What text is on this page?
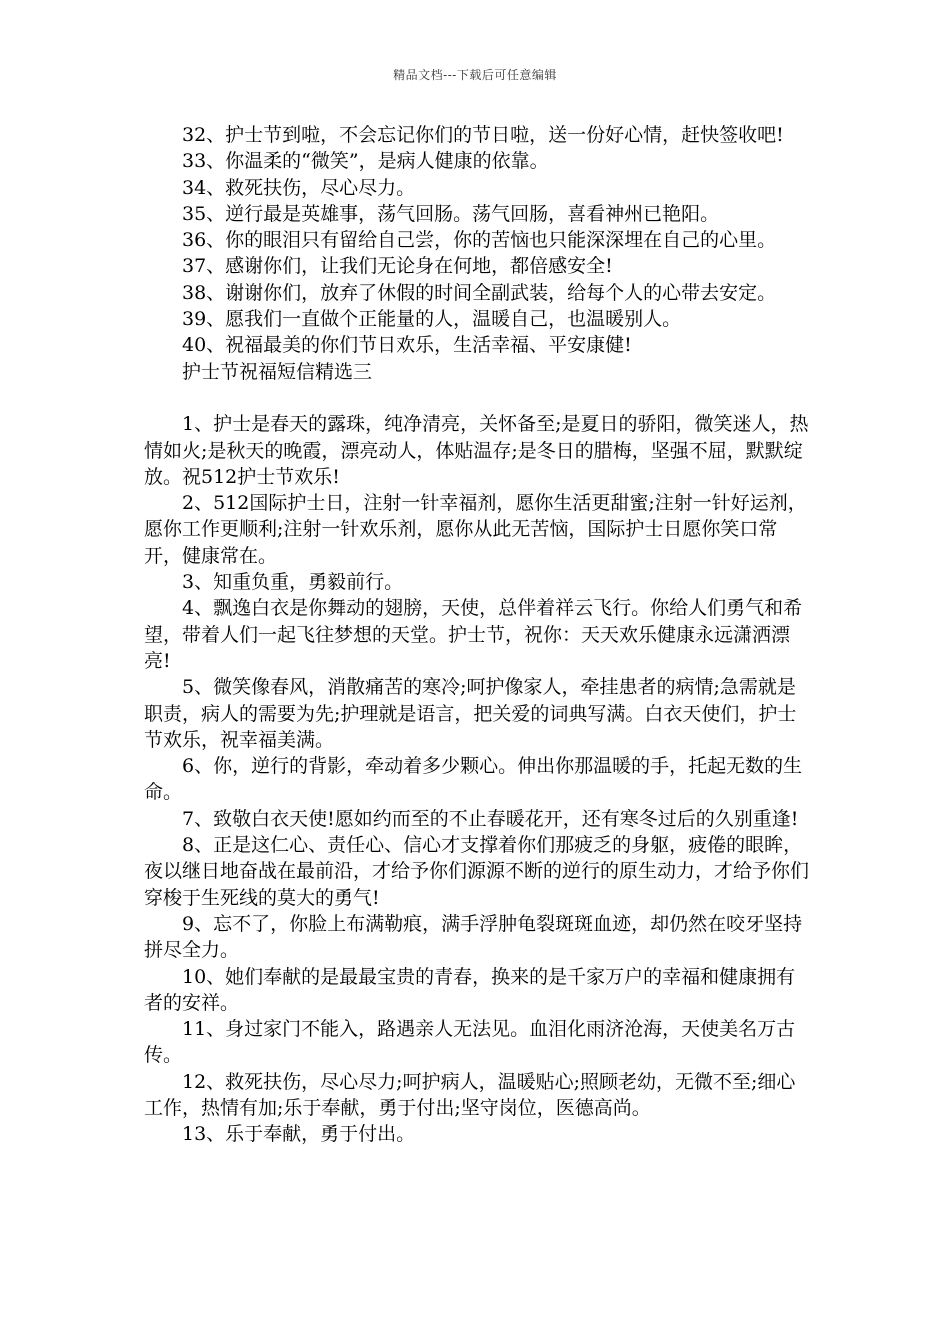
精品文档---下载后可任意编辑

32、护士节到啦，不会忘记你们的节日啦，送一份好心情，赶快签收吧!

33、你温柔的“微笑”，是病人健康的依靠。

34、救死扶伤，尽心尽力。

35、逆行最是英雄事，荡气回肠。荡气回肠，喜看神州已艳阳。

36、你的眼泪只有留给自己尝，你的苦恼也只能深深埋在自己的心里。

37、感谢你们，让我们无论身在何地，都倍感安全!

38、谢谢你们，放弃了休假的时间全副武装，给每个人的心带去安定。

39、愿我们一直做个正能量的人，温暖自己，也温暖别人。

40、祝福最美的你们节日欢乐，生活幸福、平安康健!

护士节祝福短信精选三

1、护士是春天的露珠，纯净清亮，关怀备至;是夏日的骄阳，微笑迷人，热情如火;是秋天的晚霞，漂亮动人，体贴温存;是冬日的腊梅，坚强不屈，默默绽放。祝512护士节欢乐!

2、512国际护士日，注射一针幸福剂，愿你生活更甜蜜;注射一针好运剂，愿你工作更顺利;注射一针欢乐剂，愿你从此无苦恼，国际护士日愿你笑口常开，健康常在。

3、知重负重，勇毅前行。

4、飘逸白衣是你舞动的翅膀，天使，总伴着祥云飞行。你给人们勇气和希望，带着人们一起飞往梦想的天堂。护士节，祝你：天天欢乐健康永远潇洒漂亮!

5、微笑像春风，消散痛苦的寒冷;呵护像家人，牵挂患者的病情;急需就是职责，病人的需要为先;护理就是语言，把关爱的词典写满。白衣天使们，护士节欢乐，祝幸福美满。

6、你，逆行的背影，牵动着多少颗心。伸出你那温暖的手，托起无数的生命。

7、致敬白衣天使!愿如约而至的不止春暖花开，还有寒冬过后的久别重逢!

8、正是这仁心、责任心、信心才支撑着你们那疲乏的身躯，疲倦的眼眸，夜以继日地奋战在最前沿，才给予你们源源不断的逆行的原生动力，才给予你们穿梭于生死线的莫大的勇气!

9、忘不了，你脸上布满勒痕，满手浮肿龟裂斑斑血迹，却仍然在咬牙坚持拼尽全力。

10、她们奉献的是最最宝贵的青春，换来的是千家万户的幸福和健康拥有者的安祥。

11、身过家门不能入，路遇亲人无法见。血泪化雨济沧海，天使美名万古传。

12、救死扶伤，尽心尽力;呵护病人，温暖贴心;照顾老幼，无微不至;细心工作，热情有加;乐于奉献，勇于付出;坚守岗位，医德高尚。

13、乐于奉献，勇于付出。
